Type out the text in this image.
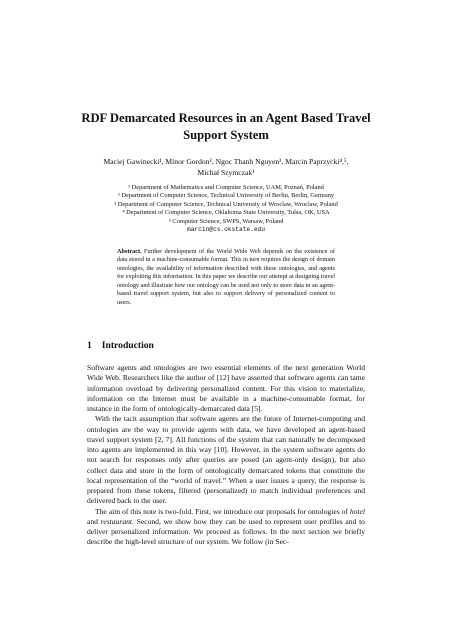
RDF Demarcated Resources in an Agent Based Travel Support System
Maciej Gawinecki¹, Minor Gordon², Ngoc Thanh Nguyen³, Marcin Paprzycki⁴,⁵,
Michał Szymczak¹
¹ Department of Mathematics and Computer Science, UAM, Poznań, Poland
² Department of Computer Science, Technical University of Berlin, Berlin, Germany
³ Department of Computer Science, Technical University of Wroclaw, Wroclaw, Poland
⁴ Department of Computer Science, Oklahoma State University, Tulsa, OK, USA
⁵ Computer Science, SWPS, Warsaw, Poland
marcin@cs.okstate.edu
Abstract. Further development of the World Wide Web depends on the existence of data stored in a machine-consumable format. This in turn requires the design of domain ontologies, the availability of information described with these ontologies, and agents for exploiting this information. In this paper we describe our attempt at designing travel ontology and illustrate how our ontology can be used not only to store data in an agent-based travel support system, but also to support delivery of personalized content to users.
1 Introduction

Software agents and ontologies are two essential elements of the next generation World Wide Web. Researchers like the author of [12] have asserted that software agents can tame information overload by delivering personalized content. For this vision to materialize, information on the Internet must be available in a machine-consumable format, for instance in the form of ontologically-demarcated data [5].

With the tacit assumption that software agents are the future of Internet-computing and ontologies are the way to provide agents with data, we have developed an agent-based travel support system [2, 7]. All functions of the system that can naturally be decomposed into agents are implemented in this way [10]. However, in the system software agents do not search for responses only after queries are posed (an agent-only design), but also collect data and store in the form of ontologically demarcated tokens that constitute the local representation of the “world of travel.” When a user issues a query, the response is prepared from these tokens, filtered (personalized) to match individual preferences and delivered back to the user.

The aim of this note is two-fold. First, we introduce our proposals for ontologies of hotel and restaurant. Second, we show how they can be used to represent user profiles and to deliver personalized information. We proceed as follows. In the next section we briefly describe the high-level structure of our system. We follow (in Sec-
